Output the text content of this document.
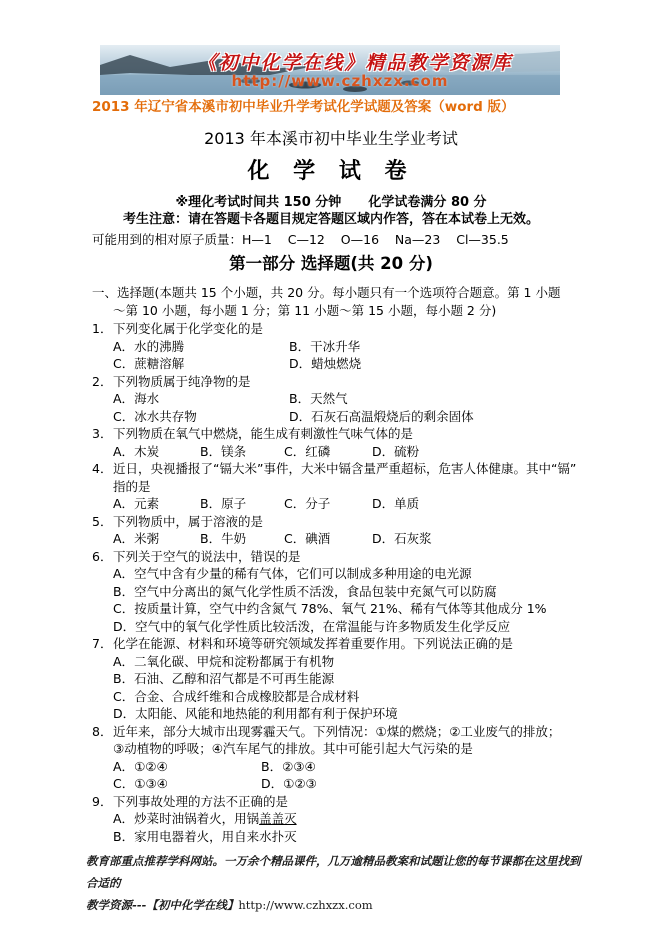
《初中化学在线》精品教学资源库
http://www.czhxzx.com
2013 年辽宁省本溪市初中毕业升学考试化学试题及答案（word 版）
2013 年本溪市初中毕业生学业考试
化 学 试 卷
※理化考试时间共 150 分钟      化学试卷满分 80 分
考生注意：请在答题卡各题目规定答题区域内作答，答在本试卷上无效。
可能用到的相对原子质量：H—1    C—12    O—16    Na—23    Cl—35.5
第一部分 选择题(共 20 分)
一、选择题(本题共 15 个小题，共 20 分。每小题只有一个选项符合题意。第 1 小题
～第 10 小题，每小题 1 分；第 11 小题～第 15 小题，每小题 2 分)
1．下列变化属于化学变化的是
A．水的沸腾	B．干冰升华
C．蔗糖溶解	D．蜡烛燃烧
2．下列物质属于纯净物的是
A．海水	B．天然气
C．冰水共存物	D．石灰石高温煅烧后的剩余固体
3．下列物质在氧气中燃烧，能生成有刺激性气味气体的是
A．木炭	B．镁条	C．红磷	D．硫粉
4．近日，央视播报了“镉大米”事件，大米中镉含量严重超标，危害人体健康。其中“镉”
指的是
A．元素	B．原子	C．分子	D．单质
5．下列物质中，属于溶液的是
A．米粥	B．牛奶	C．碘酒	D．石灰浆
6．下列关于空气的说法中，错误的是
A．空气中含有少量的稀有气体，它们可以制成多种用途的电光源
B．空气中分离出的氮气化学性质不活泼，食品包装中充氮气可以防腐
C．按质量计算，空气中约含氮气 78%、氧气 21%、稀有气体等其他成分 1%
D．空气中的氧气化学性质比较活泼，在常温能与许多物质发生化学反应
7．化学在能源、材料和环境等研究领域发挥着重要作用。下列说法正确的是
A．二氧化碳、甲烷和淀粉都属于有机物
B．石油、乙醇和沼气都是不可再生能源
C．合金、合成纤维和合成橡胶都是合成材料
D．太阳能、风能和地热能的利用都有利于保护环境
8．近年来，部分大城市出现雾霾天气。下列情况：①煤的燃烧；②工业废气的排放；
③动植物的呼吸；④汽车尾气的排放。其中可能引起大气污染的是
A．①②④	B．②③④
C．①③④	D．①②③
9．下列事故处理的方法不正确的是
A．炒菜时油锅着火，用锅盖盖灭
B．家用电器着火，用自来水扑灭
教育部重点推荐学科网站。一万余个精品课件，几万逾精品教案和试题让您的每节课都在这里找到合适的
教学资源---【初中化学在线】http://www.czhxzx.com
